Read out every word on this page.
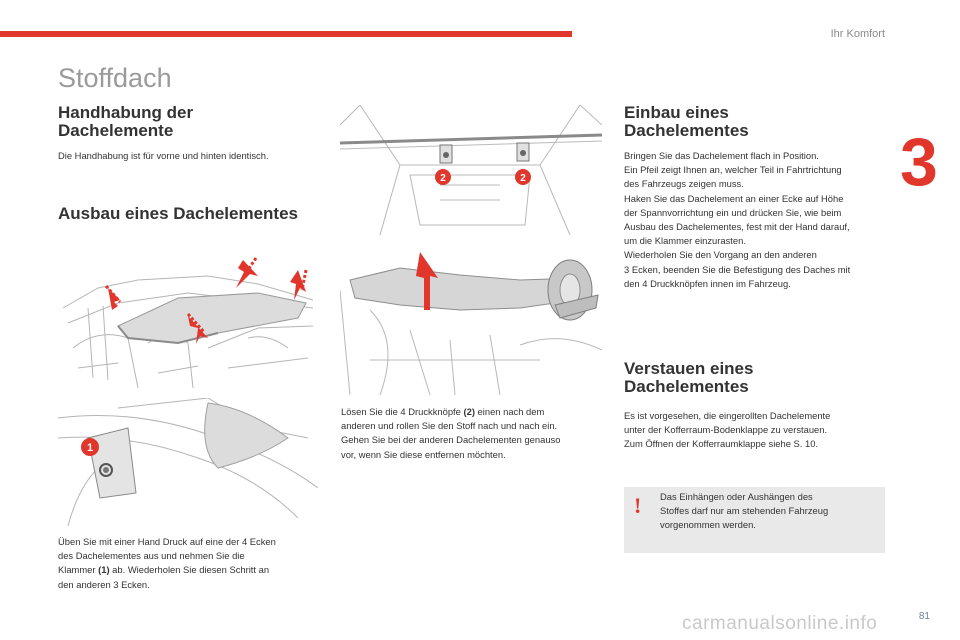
Ihr Komfort
3
Stoffdach
Handhabung der
Dachelemente
Die Handhabung ist für vorne und hinten identisch.
Ausbau eines Dachelementes
1
Üben Sie mit einer Hand Druck auf eine der 4 Ecken
des Dachelementes aus und nehmen Sie die
Klammer (1) ab. Wiederholen Sie diesen Schritt an
den anderen 3 Ecken.
2	2
Lösen Sie die 4 Druckknöpfe (2) einen nach dem
anderen und rollen Sie den Stoff nach und nach ein.
Gehen Sie bei der anderen Dachelementen genauso
vor, wenn Sie diese entfernen möchten.
Einbau eines
Dachelementes
Bringen Sie das Dachelement flach in Position.
Ein Pfeil zeigt Ihnen an, welcher Teil in Fahrtrichtung
des Fahrzeugs zeigen muss.
Haken Sie das Dachelement an einer Ecke auf Höhe
der Spannvorrichtung ein und drücken Sie, wie beim
Ausbau des Dachelementes, fest mit der Hand darauf,
um die Klammer einzurasten.
Wiederholen Sie den Vorgang an den anderen
3 Ecken, beenden Sie die Befestigung des Daches mit
den 4 Druckknöpfen innen im Fahrzeug.
Verstauen eines
Dachelementes
Es ist vorgesehen, die eingerollten Dachelemente
unter der Kofferraum-Bodenklappe zu verstauen.
Zum Öffnen der Kofferraumklappe siehe S. 10.
! Das Einhängen oder Aushängen des
Stoffes darf nur am stehenden Fahrzeug
vorgenommen werden.
carmanualsonline.info	81
